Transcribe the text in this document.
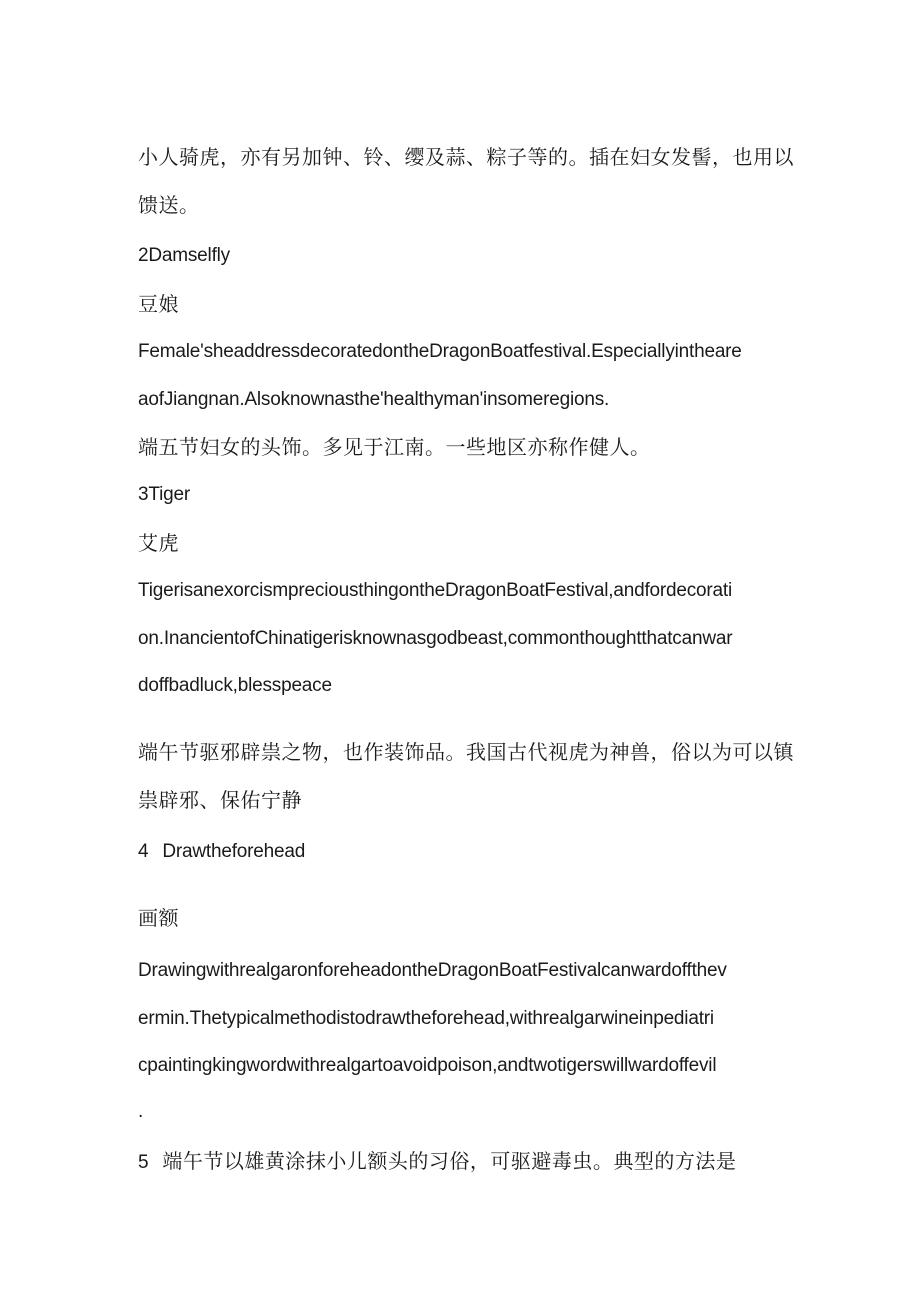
小人骑虎，亦有另加钟、铃、缨及蒜、粽子等的。插在妇女发髻，也用以
馈送。
2Damselfly
豆娘
Female'sheaddressdecoratedontheDragonBoatfestival.Especiallyintheare
aofJiangnan.Alsoknownasthe'healthyman'insomeregions.
端五节妇女的头饰。多见于江南。一些地区亦称作健人。
3Tiger
艾虎
TigerisanexorcismpreciousthingontheDragonBoatFestival,andfordecorati
on.InancientofChinatigerisknownasgodbeast,commonthoughtthatcanwar
doffbadluck,blesspeace
端午节驱邪辟祟之物，也作装饰品。我国古代视虎为神兽，俗以为可以镇
祟辟邪、保佑宁静
4 Drawtheforehead
画额
DrawingwithrealgaronforeheadontheDragonBoatFestivalcanwardoffthev
ermin.Thetypicalmethodistodrawtheforehead,withrealgarwineinpediatri
cpaintingkingwordwithrealgartoavoidpoison,andtwotigerswillwardoffevil
.
5 端午节以雄黄涂抹小儿额头的习俗，可驱避毒虫。典型的方法是
